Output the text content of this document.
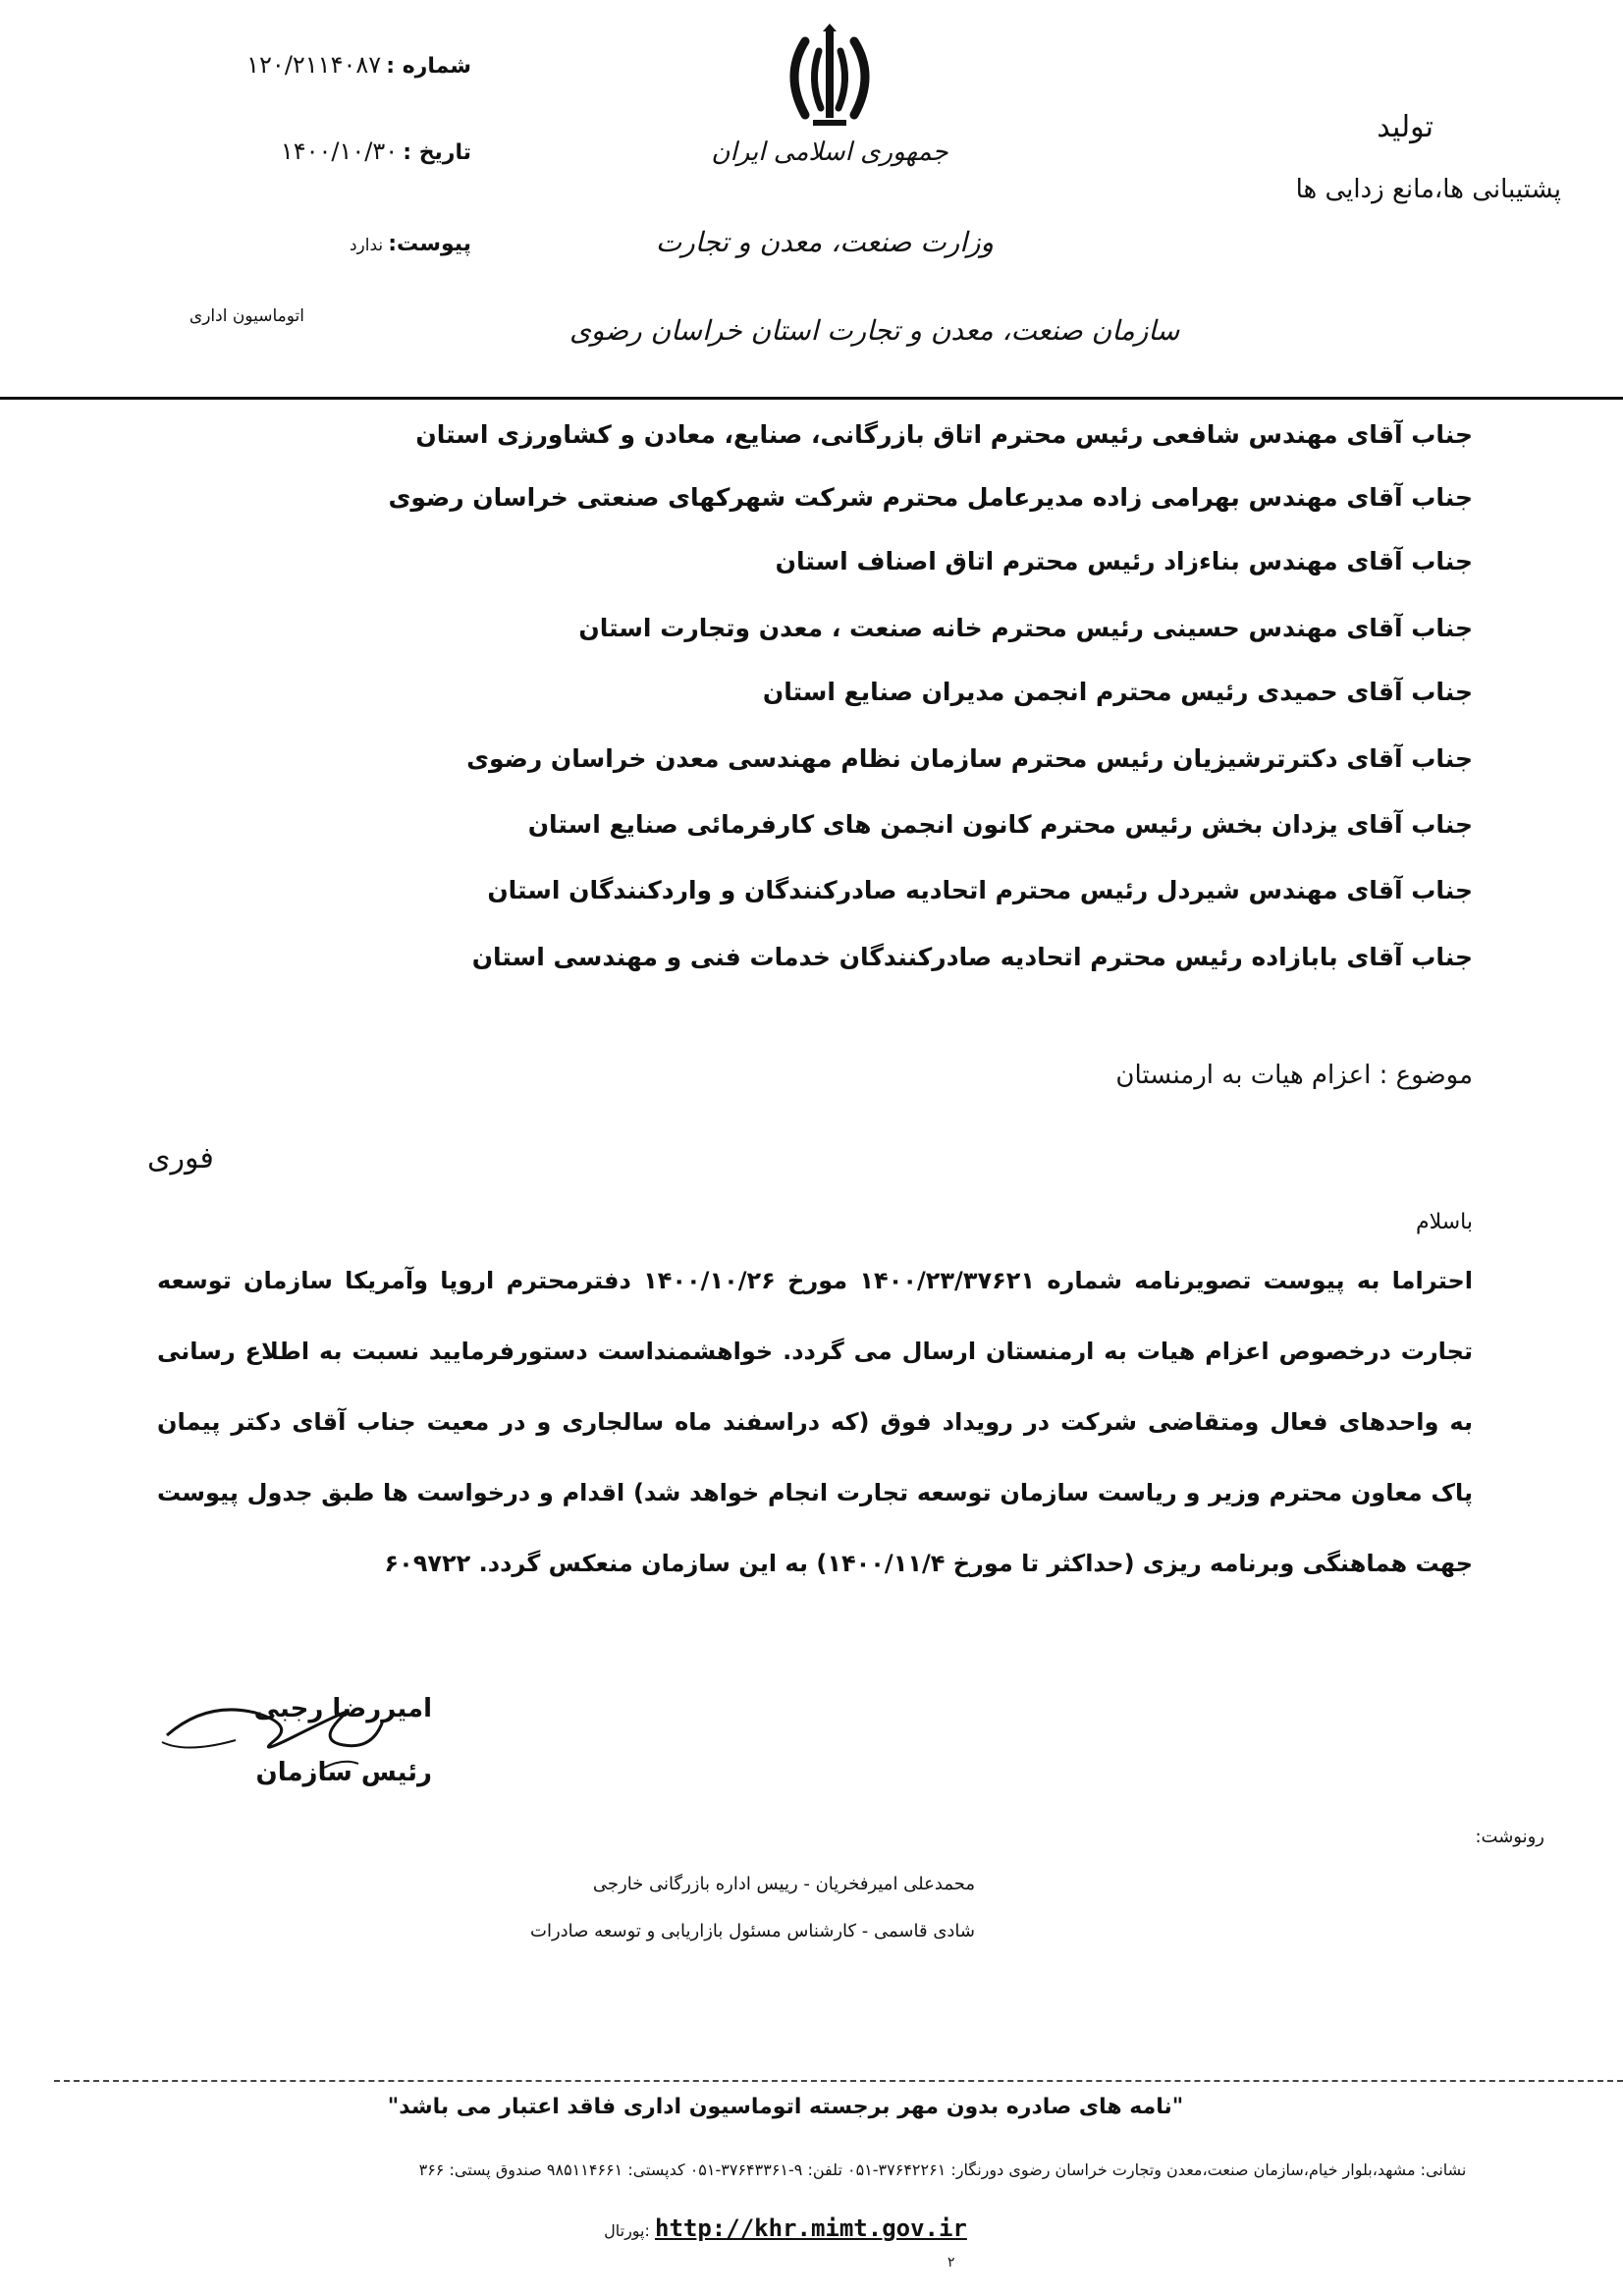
شماره : ۱۲۰/۲۱۱۴۰۸۷
تاریخ : ۱۴۰۰/۱۰/۳۰
پیوست: ندارد
اتوماسیون اداری
جمهوری اسلامی ایران
وزارت صنعت، معدن و تجارت
سازمان صنعت، معدن و تجارت استان خراسان رضوی
تولید
پشتیبانی ها،مانع زدایی ها
جناب آقای مهندس شافعی رئیس محترم اتاق بازرگانی، صنایع، معادن و کشاورزی استان
جناب آقای مهندس بهرامی زاده مدیرعامل محترم شرکت شهرکهای صنعتی خراسان رضوی
جناب آقای مهندس بناءزاد رئیس محترم اتاق اصناف استان
جناب آقای مهندس حسینی رئیس محترم خانه صنعت ، معدن وتجارت استان
جناب آقای حمیدی رئیس محترم انجمن مدیران صنایع استان
جناب آقای دکترترشیزیان رئیس محترم سازمان نظام مهندسی معدن خراسان رضوی
جناب آقای یزدان بخش رئیس محترم کانون انجمن های کارفرمائی صنایع استان
جناب آقای مهندس شیردل رئیس محترم اتحادیه صادرکنندگان و واردکنندگان استان
جناب آقای بابازاده رئیس محترم اتحادیه صادرکنندگان خدمات فنی و مهندسی استان
موضوع : اعزام هیات به ارمنستان
فوری
باسلام
احتراما به پیوست تصویرنامه شماره ۱۴۰۰/۲۳/۳۷۶۲۱ مورخ ۱۴۰۰/۱۰/۲۶ دفترمحترم اروپا وآمریکا سازمان توسعه تجارت درخصوص اعزام هیات به ارمنستان ارسال می گردد. خواهشمنداست دستورفرمایید نسبت به اطلاع رسانی به واحدهای فعال ومتقاضی شرکت در رویداد فوق (که دراسفند ماه سالجاری و در معیت جناب آقای دکتر پیمان پاک معاون محترم وزیر و ریاست سازمان توسعه تجارت انجام خواهد شد) اقدام و درخواست ها طبق جدول پیوست جهت هماهنگی وبرنامه ریزی (حداکثر تا مورخ ۱۴۰۰/۱۱/۴) به این سازمان منعکس گردد. ۶۰۹۷۲۲
امیررضا رجبی
رئیس سازمان
رونوشت:
محمدعلی امیرفخریان - رییس اداره بازرگانی خارجی
شادی قاسمی - کارشناس مسئول بازاریابی و توسعه صادرات
"نامه های صادره بدون مهر برجسته اتوماسیون اداری فاقد اعتبار می باشد"
نشانی: مشهد،بلوار خیام،سازمان صنعت،معدن وتجارت خراسان رضوی دورنگار: ۳۷۶۴۲۲۶۱-۰۵۱ تلفن: ۹-۳۷۶۴۳۳۶۱-۰۵۱ کدپستی: ۹۸۵۱۱۴۶۶۱ صندوق پستی: ۳۶۶
پورتال: http://khr.mimt.gov.ir
۲
